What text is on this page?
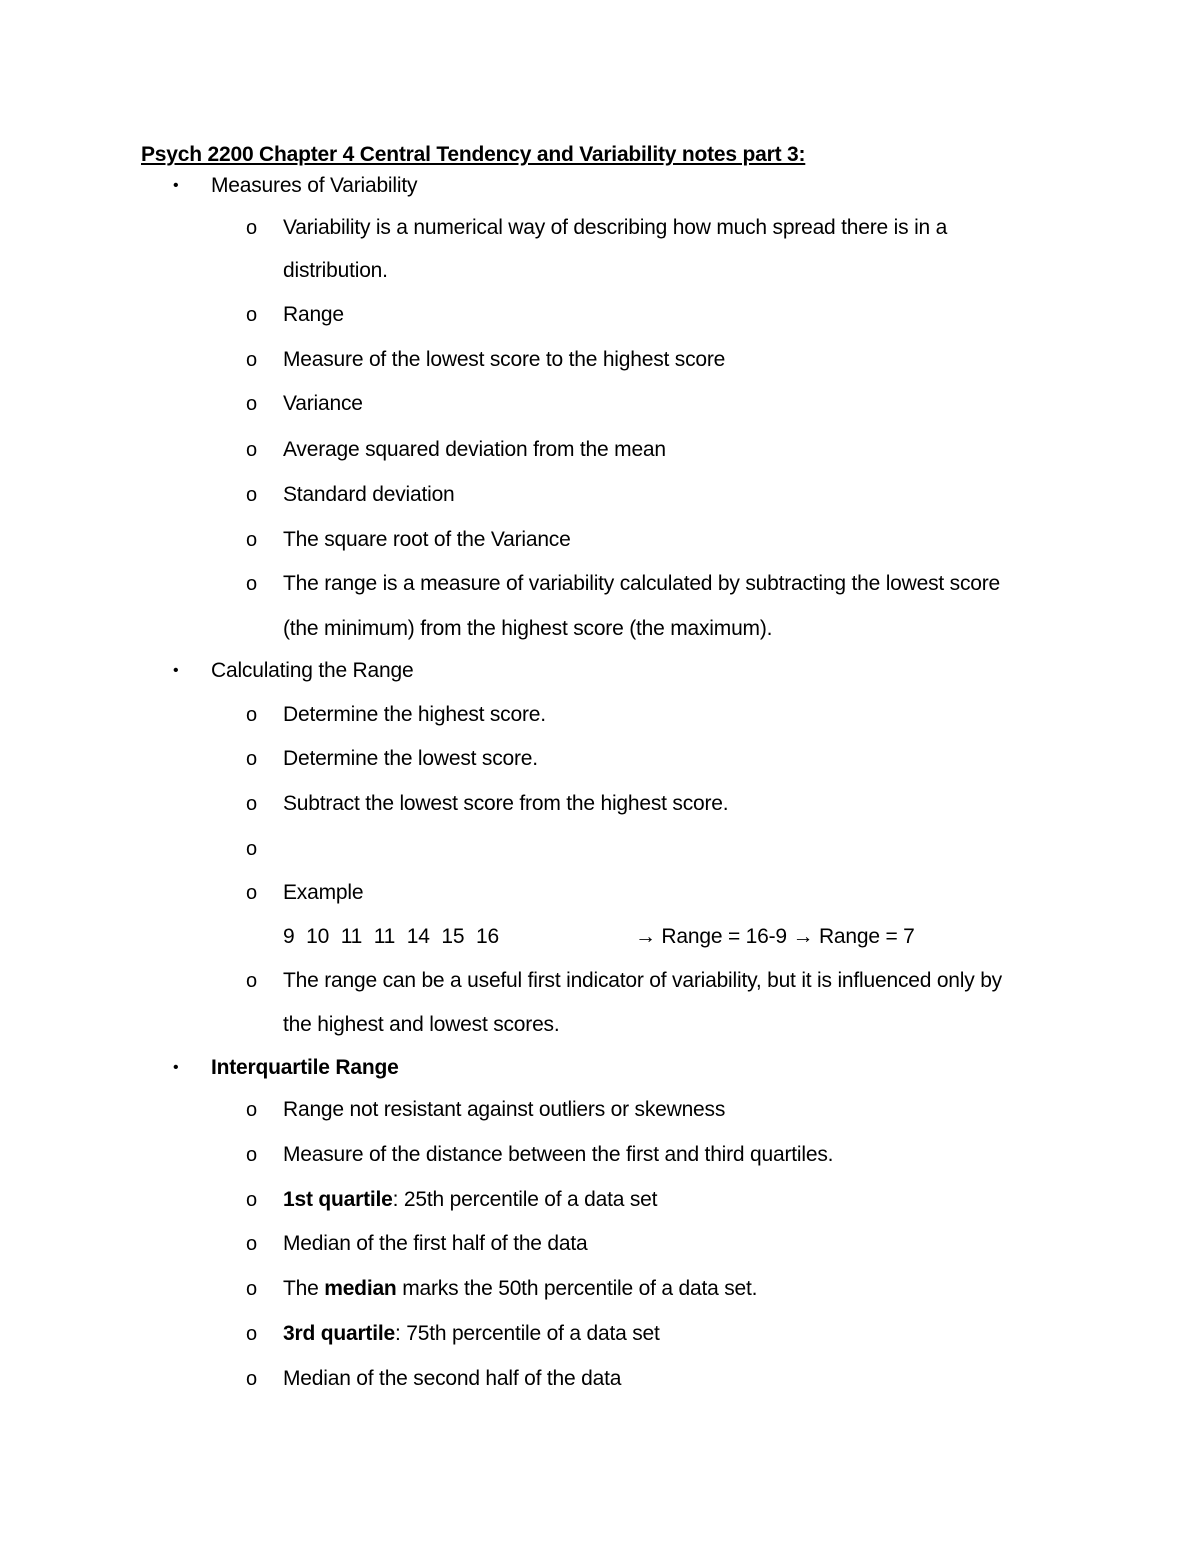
Psych 2200 Chapter 4 Central Tendency and Variability notes part 3:
• Measures of Variability
o Variability is a numerical way of describing how much spread there is in a
distribution.
o Range
o Measure of the lowest score to the highest score
o Variance
o Average squared deviation from the mean
o Standard deviation
o The square root of the Variance
o The range is a measure of variability calculated by subtracting the lowest score
(the minimum) from the highest score (the maximum).
• Calculating the Range
o Determine the highest score.
o Determine the lowest score.
o Subtract the lowest score from the highest score.
o
o Example
9 10 11 11 14 15 16	→ Range = 16-9 → Range = 7
o The range can be a useful first indicator of variability, but it is influenced only by
the highest and lowest scores.
• Interquartile Range
o Range not resistant against outliers or skewness
o Measure of the distance between the first and third quartiles.
o 1st quartile: 25th percentile of a data set
o Median of the first half of the data
o The median marks the 50th percentile of a data set.
o 3rd quartile: 75th percentile of a data set
o Median of the second half of the data
